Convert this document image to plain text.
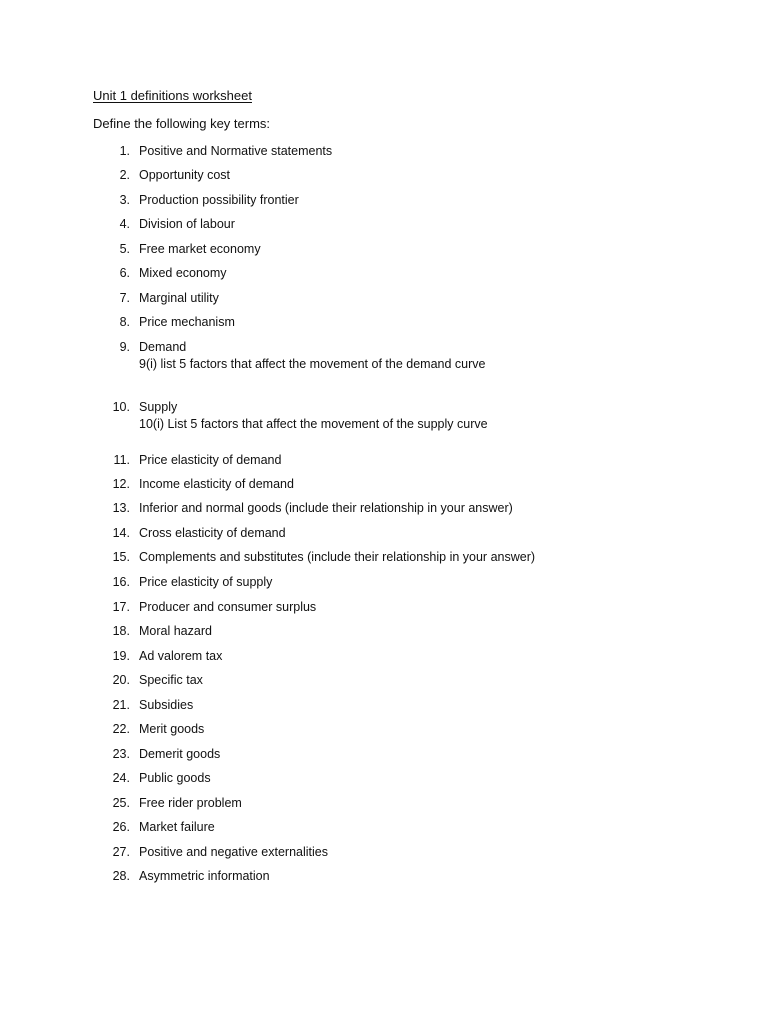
Unit 1 definitions worksheet
Define the following key terms:
1. Positive and Normative statements
2. Opportunity cost
3. Production possibility frontier
4. Division of labour
5. Free market economy
6. Mixed economy
7. Marginal utility
8. Price mechanism
9. Demand
9(i) list 5 factors that affect the movement of the demand curve
10. Supply
10(i) List 5 factors that affect the movement of the supply curve
11. Price elasticity of demand
12. Income elasticity of demand
13. Inferior and normal goods (include their relationship in your answer)
14. Cross elasticity of demand
15. Complements and substitutes (include their relationship in your answer)
16. Price elasticity of supply
17. Producer and consumer surplus
18. Moral hazard
19. Ad valorem tax
20. Specific tax
21. Subsidies
22. Merit goods
23. Demerit goods
24. Public goods
25. Free rider problem
26. Market failure
27. Positive and negative externalities
28. Asymmetric information
